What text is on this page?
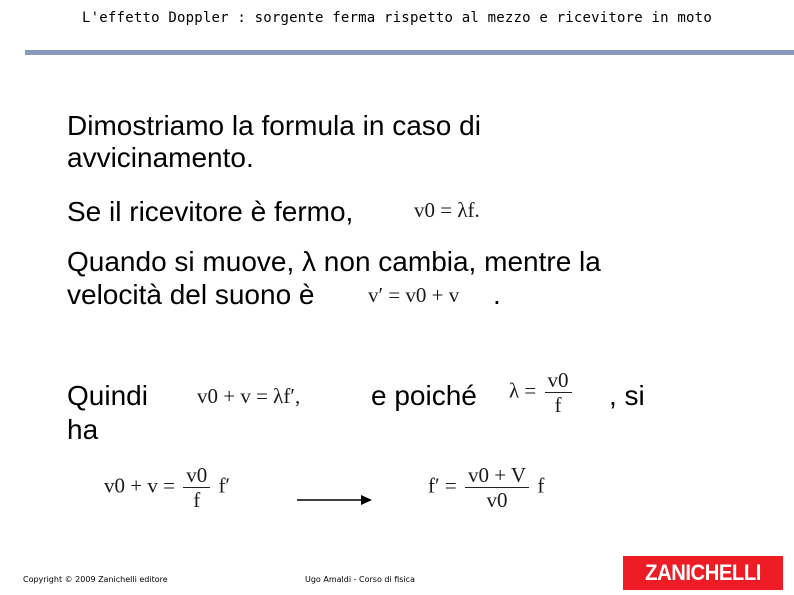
L'effetto Doppler : sorgente ferma rispetto al mezzo e ricevitore in moto
Dimostriamo la formula in caso di
avvicinamento.
Se il ricevitore è fermo,	v0 = λf.
Quando si muove, λ non cambia, mentre la
velocità del suono è	v′ = v0 + v .
Quindi
ha
v0 + v = λf′,	e poiché $\lambda = \frac{v0}{f}$ , si
$v0 + v = \frac{v0}{f} f'$	$f' = \frac{v0 + V}{v0}$ f
Copyright © 2009 Zanichelli editore	Ugo Amaldi - Corso di fisica	ZANICHELLI
